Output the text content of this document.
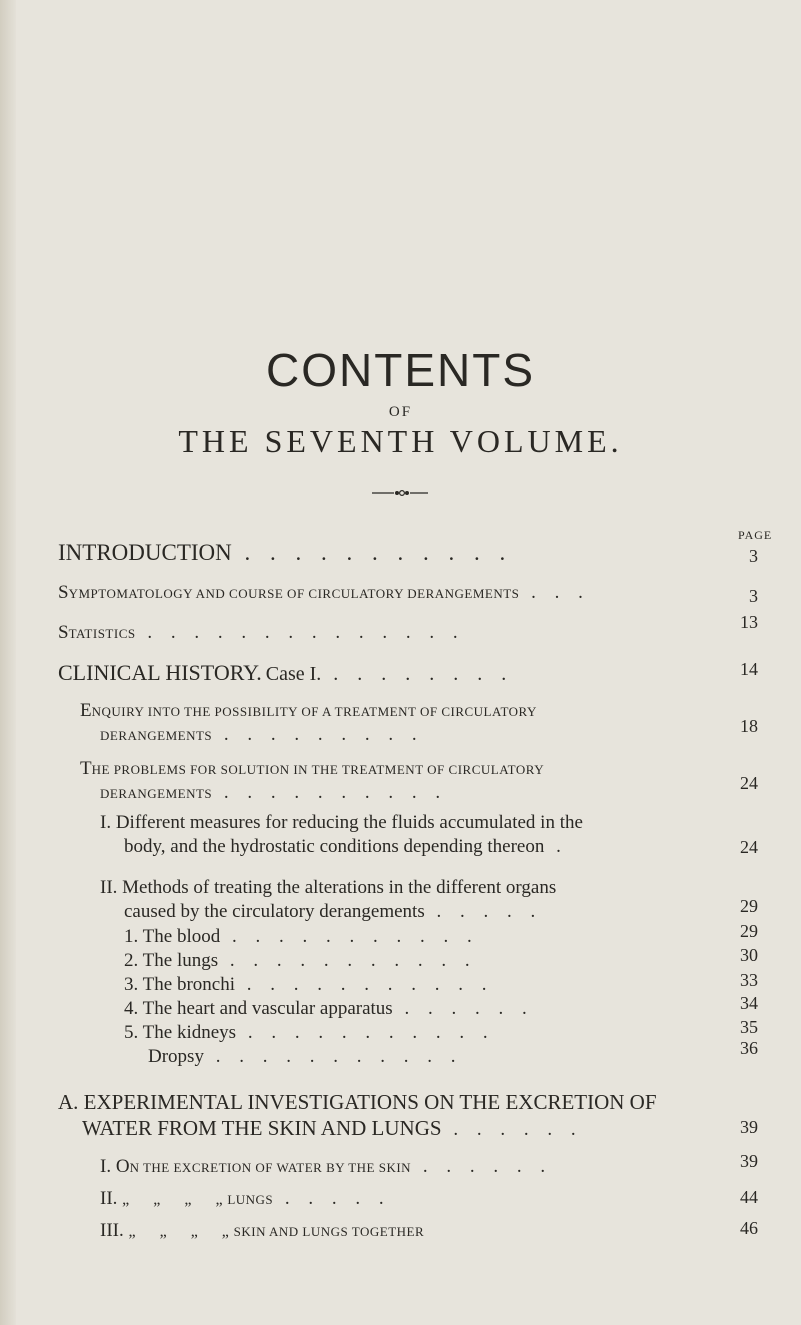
CONTENTS
OF
THE SEVENTH VOLUME.
PAGE
INTRODUCTION . . . . . . . . . . .	3
SYMPTOMATOLOGY AND COURSE OF CIRCULATORY DERANGEMENTS . . .	3
STATISTICS . . . . . . . . . . . . . .	13
CLINICAL HISTORY. Case I. . . . . . . . .	14
ENQUIRY INTO THE POSSIBILITY OF A TREATMENT OF CIRCULATORY
DERANGEMENTS . . . . . . . . .	18
THE PROBLEMS FOR SOLUTION IN THE TREATMENT OF CIRCULATORY
DERANGEMENTS . . . . . . . . . .	24
I. Different measures for reducing the fluids accumulated in the
body, and the hydrostatic conditions depending thereon .	24
II. Methods of treating the alterations in the different organs
caused by the circulatory derangements . . . . .	29
1. The blood . . . . . . . . . . .	29
2. The lungs . . . . . . . . . . .	30
3. The bronchi . . . . . . . . . . .	33
4. The heart and vascular apparatus . . . . . .	34
5. The kidneys . . . . . . . . . . .	35
Dropsy . . . . . . . . . . .	36
A. EXPERIMENTAL INVESTIGATIONS ON THE EXCRETION OF
WATER FROM THE SKIN AND LUNGS . . . . . .	39
I. ON THE EXCRETION OF WATER BY THE SKIN . . . . . .	39
II. „      „      „      „ LUNGS . . . . .	44
III. „      „      „      „ SKIN AND LUNGS TOGETHER	46
